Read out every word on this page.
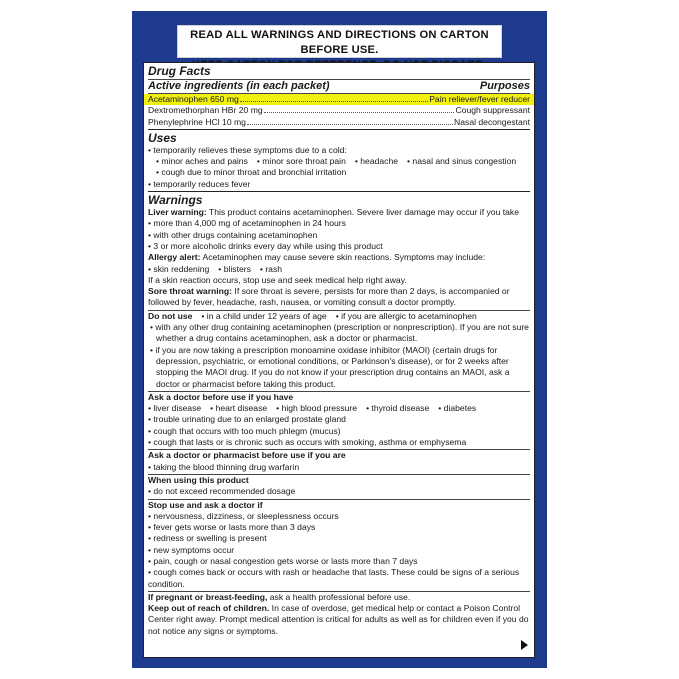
READ ALL WARNINGS AND DIRECTIONS ON CARTON BEFORE USE.
Drug Facts
Active ingredients (in each packet)	Purposes
Acetaminophen 650 mg	Pain reliever/fever reducer
Dextromethorphan HBr 20 mg	Cough suppressant
Phenylephrine HCl 10 mg	Nasal decongestant
Uses
• temporarily relieves these symptoms due to a cold:
• minor aches and pains • minor sore throat pain • headache • nasal and sinus congestion
• cough due to minor throat and bronchial irritation
• temporarily reduces fever
Warnings
Liver warning: This product contains acetaminophen. Severe liver damage may occur if you take
• more than 4,000 mg of acetaminophen in 24 hours
• with other drugs containing acetaminophen
• 3 or more alcoholic drinks every day while using this product
Allergy alert: Acetaminophen may cause severe skin reactions. Symptoms may include:
• skin reddening • blisters • rash
If a skin reaction occurs, stop use and seek medical help right away.
Sore throat warning: If sore throat is severe, persists for more than 2 days, is accompanied or followed by fever, headache, rash, nausea, or vomiting consult a doctor promptly.
Do not use • in a child under 12 years of age • if you are allergic to acetaminophen
• with any other drug containing acetaminophen (prescription or nonprescription). If you are not sure whether a drug contains acetaminophen, ask a doctor or pharmacist.
• if you are now taking a prescription monoamine oxidase inhibitor (MAOI) (certain drugs for depression, psychiatric, or emotional conditions, or Parkinson's disease), or for 2 weeks after stopping the MAOI drug. If you do not know if your prescription drug contains an MAOI, ask a doctor or pharmacist before taking this product.
Ask a doctor before use if you have
• liver disease • heart disease • high blood pressure • thyroid disease • diabetes
• trouble urinating due to an enlarged prostate gland
• cough that occurs with too much phlegm (mucus)
• cough that lasts or is chronic such as occurs with smoking, asthma or emphysema
Ask a doctor or pharmacist before use if you are
• taking the blood thinning drug warfarin
When using this product
• do not exceed recommended dosage
Stop use and ask a doctor if
• nervousness, dizziness, or sleeplessness occurs
• fever gets worse or lasts more than 3 days
• redness or swelling is present
• new symptoms occur
• pain, cough or nasal congestion gets worse or lasts more than 7 days
• cough comes back or occurs with rash or headache that lasts. These could be signs of a serious condition.
If pregnant or breast-feeding, ask a health professional before use.
Keep out of reach of children. In case of overdose, get medical help or contact a Poison Control Center right away. Prompt medical attention is critical for adults as well as for children even if you do not notice any signs or symptoms.
